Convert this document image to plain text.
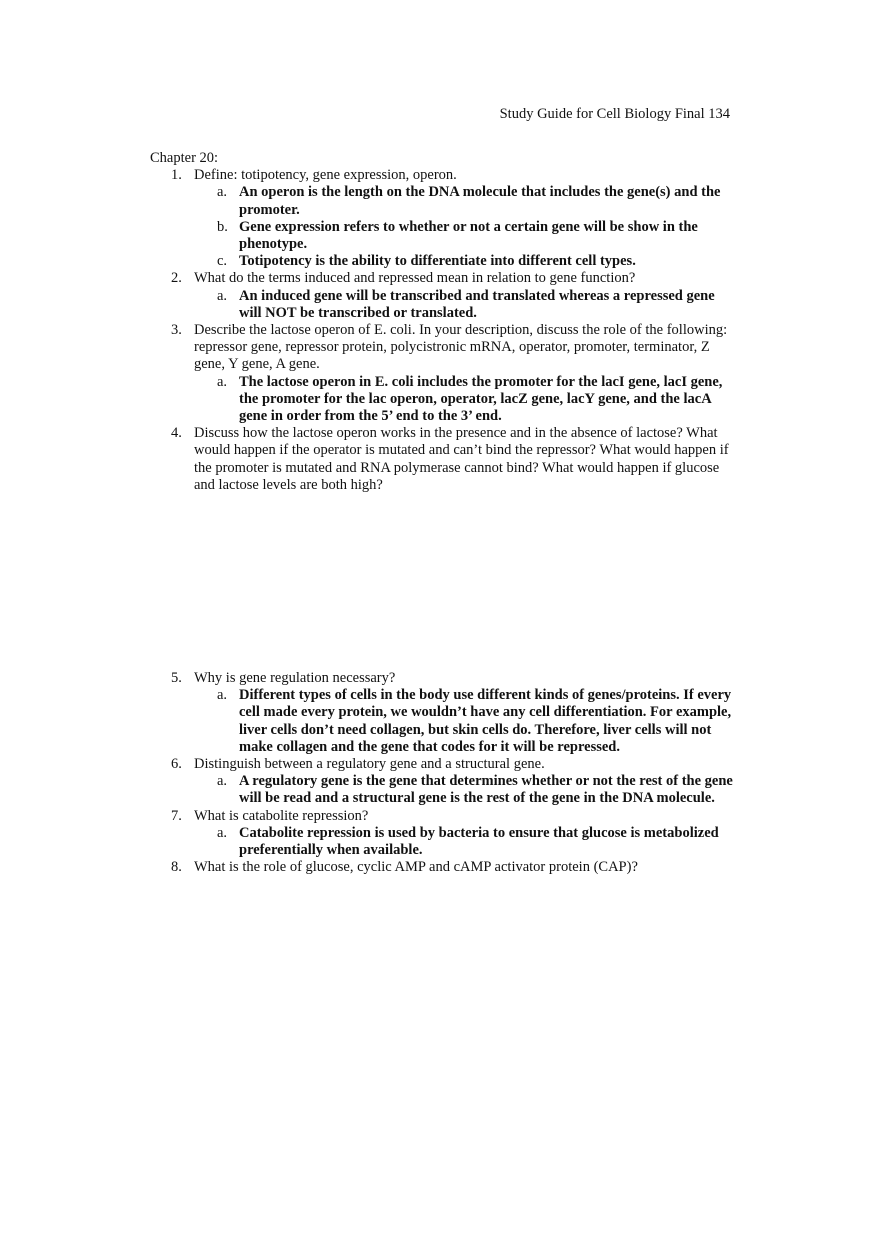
Study Guide for Cell Biology Final 134
Chapter 20:
1. Define: totipotency, gene expression, operon.
a. An operon is the length on the DNA molecule that includes the gene(s) and the promoter.
b. Gene expression refers to whether or not a certain gene will be show in the phenotype.
c. Totipotency is the ability to differentiate into different cell types.
2. What do the terms induced and repressed mean in relation to gene function?
a. An induced gene will be transcribed and translated whereas a repressed gene will NOT be transcribed or translated.
3. Describe the lactose operon of E. coli. In your description, discuss the role of the following: repressor gene, repressor protein, polycistronic mRNA, operator, promoter, terminator, Z gene, Y gene, A gene.
a. The lactose operon in E. coli includes the promoter for the lacI gene, lacI gene, the promoter for the lac operon, operator, lacZ gene, lacY gene, and the lacA gene in order from the 5’ end to the 3’ end.
4. Discuss how the lactose operon works in the presence and in the absence of lactose? What would happen if the operator is mutated and can’t bind the repressor? What would happen if the promoter is mutated and RNA polymerase cannot bind? What would happen if glucose and lactose levels are both high?
5. Why is gene regulation necessary?
a. Different types of cells in the body use different kinds of genes/proteins. If every cell made every protein, we wouldn’t have any cell differentiation. For example, liver cells don’t need collagen, but skin cells do. Therefore, liver cells will not make collagen and the gene that codes for it will be repressed.
6. Distinguish between a regulatory gene and a structural gene.
a. A regulatory gene is the gene that determines whether or not the rest of the gene will be read and a structural gene is the rest of the gene in the DNA molecule.
7. What is catabolite repression?
a. Catabolite repression is used by bacteria to ensure that glucose is metabolized preferentially when available.
8. What is the role of glucose, cyclic AMP and cAMP activator protein (CAP)?
